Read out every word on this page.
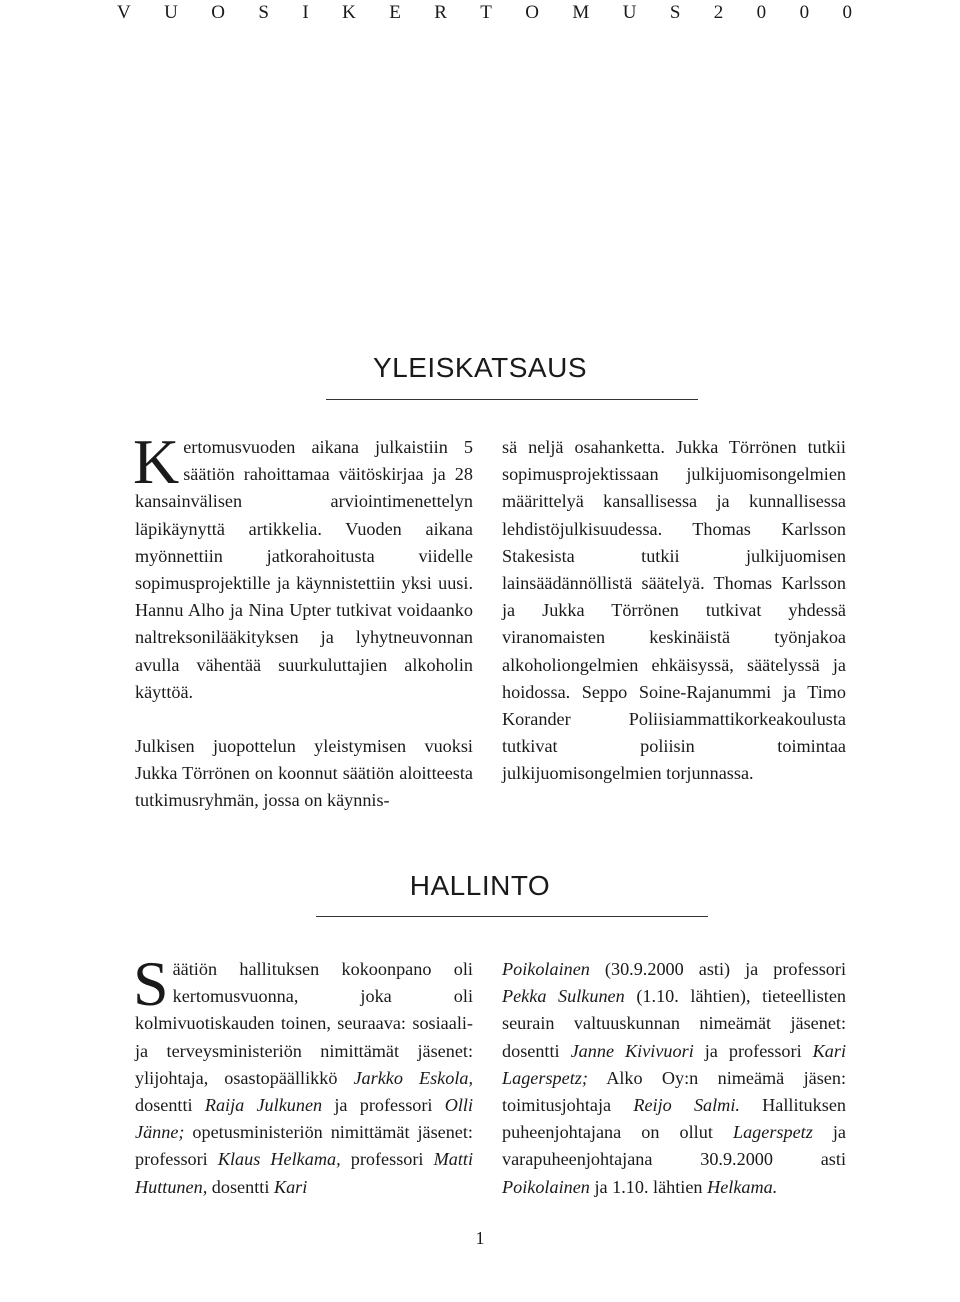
V U O S I K E R T O M U S 2 0 0 0
YLEISKATSAUS

Kertomusvuoden aikana julkaistiin 5 säätiön rahoittamaa väitöskirjaa ja 28 kansainvälisen arviointimenettelyn läpikäynyttä artikkelia. Vuoden aikana myönnettiin jatkorahoitusta viidelle sopimusprojektille ja käynnistettiin yksi uusi. Hannu Alho ja Nina Upter tutkivat voidaanko naltreksonilääkityksen ja lyhytneuvonnan avulla vähentää suurkuluttajien alkoholin käyttöä.

Julkisen juopottelun yleistymisen vuoksi Jukka Törrönen on koonnut säätiön aloitteesta tutkimusryhmän, jossa on käynnis-

sä neljä osahanketta. Jukka Törrönen tutkii sopimusprojektissaan julkijuomisongelmien määrittelyä kansallisessa ja kunnallisessa lehdistöjulkisuudessa. Thomas Karlsson Stakesista tutkii julkijuomisen lainsäädännöllistä säätelyä. Thomas Karlsson ja Jukka Törrönen tutkivat yhdessä viranomaisten keskinäistä työnjakoa alkoholiongelmien ehkäisyssä, säätelyssä ja hoidossa. Seppo Soine-Rajanummi ja Timo Korander Poliisiammattikorkeakoulusta tutkivat poliisin toimintaa julkijuomisongelmien torjunnassa.

HALLINTO

Säätiön hallituksen kokoonpano oli kertomusvuonna, joka oli kolmivuotiskauden toinen, seuraava: sosiaali- ja terveysministeriön nimittämät jäsenet: ylijohtaja, osastopäällikkö Jarkko Eskola, dosentti Raija Julkunen ja professori Olli Jänne; opetusministeriön nimittämät jäsenet: professori Klaus Helkama, professori Matti Huttunen, dosentti Kari

Poikolainen (30.9.2000 asti) ja professori Pekka Sulkunen (1.10. lähtien), tieteellisten seurain valtuuskunnan nimeämät jäsenet: dosentti Janne Kivivuori ja professori Kari Lagerspetz; Alko Oy:n nimeämä jäsen: toimitusjohtaja Reijo Salmi. Hallituksen puheenjohtajana on ollut Lagerspetz ja varapuheenjohtajana 30.9.2000 asti Poikolainen ja 1.10. lähtien Helkama.

1
